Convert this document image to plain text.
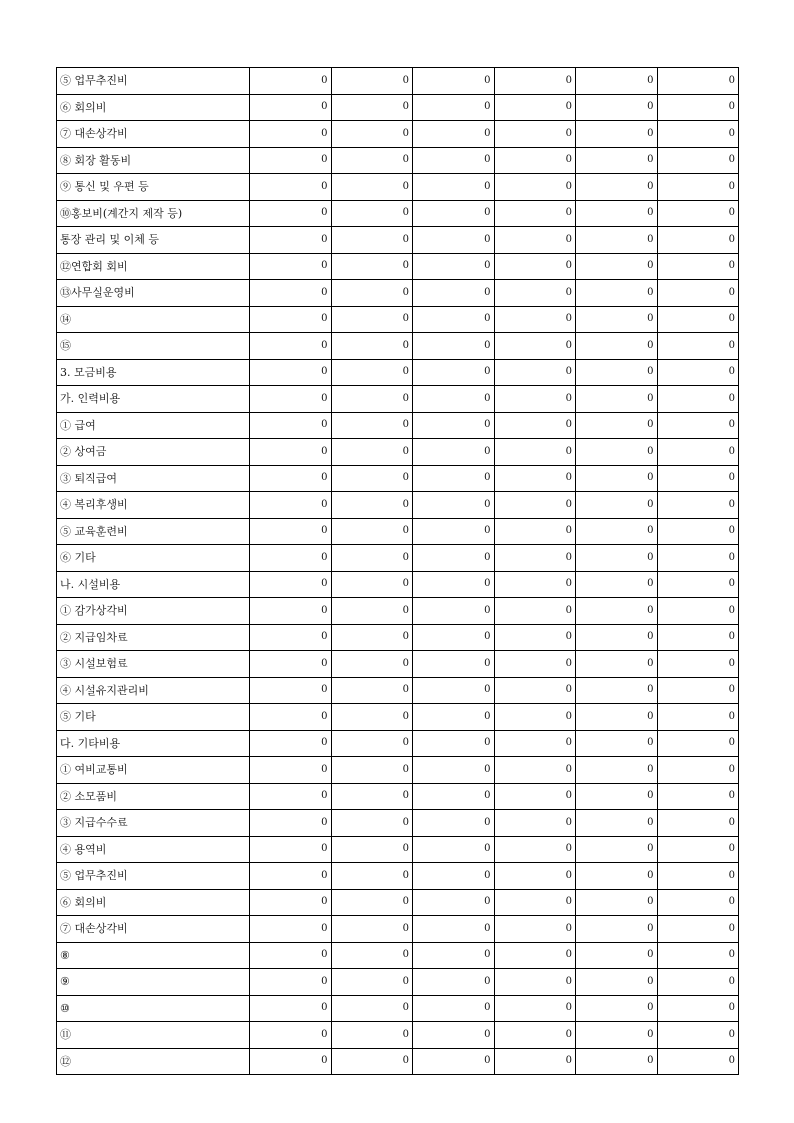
⑤ 업무추진비	0	0	0	0	0	0
⑥ 회의비	0	0	0	0	0	0
⑦ 대손상각비	0	0	0	0	0	0
⑧ 회장 활동비	0	0	0	0	0	0
⑨ 통신 및 우편 등	0	0	0	0	0	0
⑩홍보비(계간지 제작 등)	0	0	0	0	0	0
통장 관리 및 이체 등	0	0	0	0	0	0
⑫연합회 회비	0	0	0	0	0	0
⑬사무실운영비	0	0	0	0	0	0
⑭	0	0	0	0	0	0
⑮	0	0	0	0	0	0
3. 모금비용	0	0	0	0	0	0
가. 인력비용	0	0	0	0	0	0
① 급여	0	0	0	0	0	0
② 상여금	0	0	0	0	0	0
③ 퇴직급여	0	0	0	0	0	0
④ 복리후생비	0	0	0	0	0	0
⑤ 교육훈련비	0	0	0	0	0	0
⑥ 기타	0	0	0	0	0	0
나. 시설비용	0	0	0	0	0	0
① 감가상각비	0	0	0	0	0	0
② 지급임차료	0	0	0	0	0	0
③ 시설보험료	0	0	0	0	0	0
④ 시설유지관리비	0	0	0	0	0	0
⑤ 기타	0	0	0	0	0	0
다. 기타비용	0	0	0	0	0	0
① 여비교통비	0	0	0	0	0	0
② 소모품비	0	0	0	0	0	0
③ 지급수수료	0	0	0	0	0	0
④ 용역비	0	0	0	0	0	0
⑤ 업무추진비	0	0	0	0	0	0
⑥ 회의비	0	0	0	0	0	0
⑦ 대손상각비	0	0	0	0	0	0
⑧	0	0	0	0	0	0
⑨	0	0	0	0	0	0
⑩	0	0	0	0	0	0
⑪	0	0	0	0	0	0
⑫	0	0	0	0	0	0
